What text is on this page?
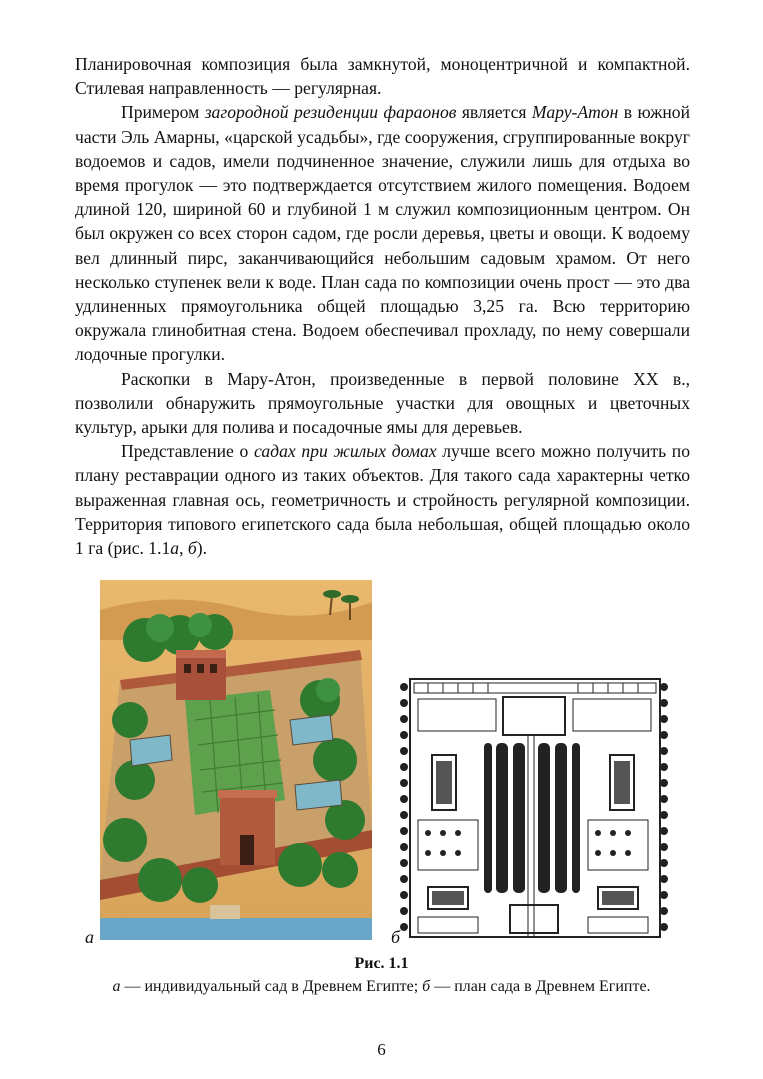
Планировочная композиция была замкнутой, моноцентричной и компактной. Стилевая направленность — регулярная.

Примером загородной резиденции фараонов является Мару-Атон в южной части Эль Амарны, «царской усадьбы», где сооружения, сгруппированные вокруг водоемов и садов, имели подчиненное значение, служили лишь для отдыха во время прогулок — это подтверждается отсутствием жилого помещения. Водоем длиной 120, шириной 60 и глубиной 1 м служил композиционным центром. Он был окружен со всех сторон садом, где росли деревья, цветы и овощи. К водоему вел длинный пирс, заканчивающийся небольшим садовым храмом. От него несколько ступенек вели к воде. План сада по композиции очень прост — это два удлиненных прямоугольника общей площадью 3,25 га. Всю территорию окружала глинобитная стена. Водоем обеспечивал прохладу, по нему совершали лодочные прогулки.

Раскопки в Мару-Атон, произведенные в первой половине XX в., позволили обнаружить прямоугольные участки для овощных и цветочных культур, арыки для полива и посадочные ямы для деревьев.

Представление о садах при жилых домах лучше всего можно получить по плану реставрации одного из таких объектов. Для такого сада характерны четко выраженная главная ось, геометричность и стройность регулярной композиции. Территория типового египетского сада была небольшая, общей площадью около 1 га (рис. 1.1а, б).

а	б
Рис. 1.1
а — индивидуальный сад в Древнем Египте; б — план сада в Древнем Египте.
6
